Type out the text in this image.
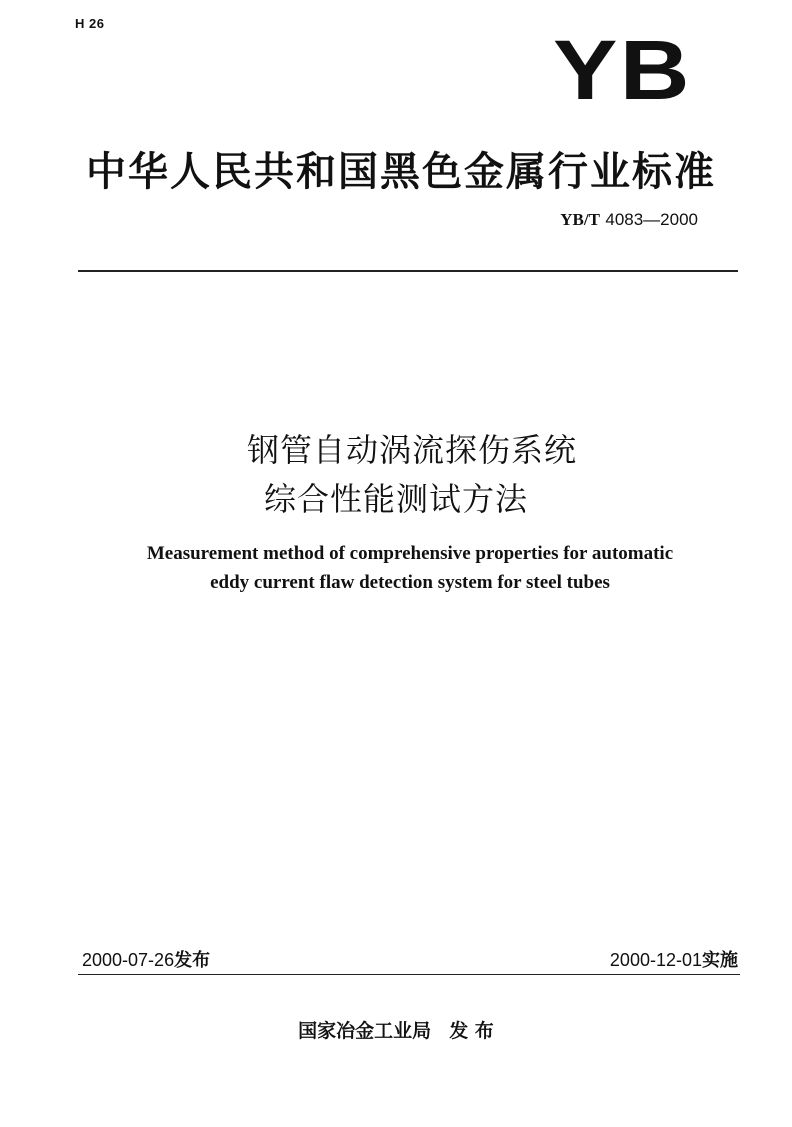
H 26	YB
中华人民共和国黑色金属行业标准
YB/T 4083—2000
钢管自动涡流探伤系统
综合性能测试方法
Measurement method of comprehensive properties for automatic
eddy current flaw detection system for steel tubes
2000-07-26发布	2000-12-01实施
国家冶金工业局 发 布
